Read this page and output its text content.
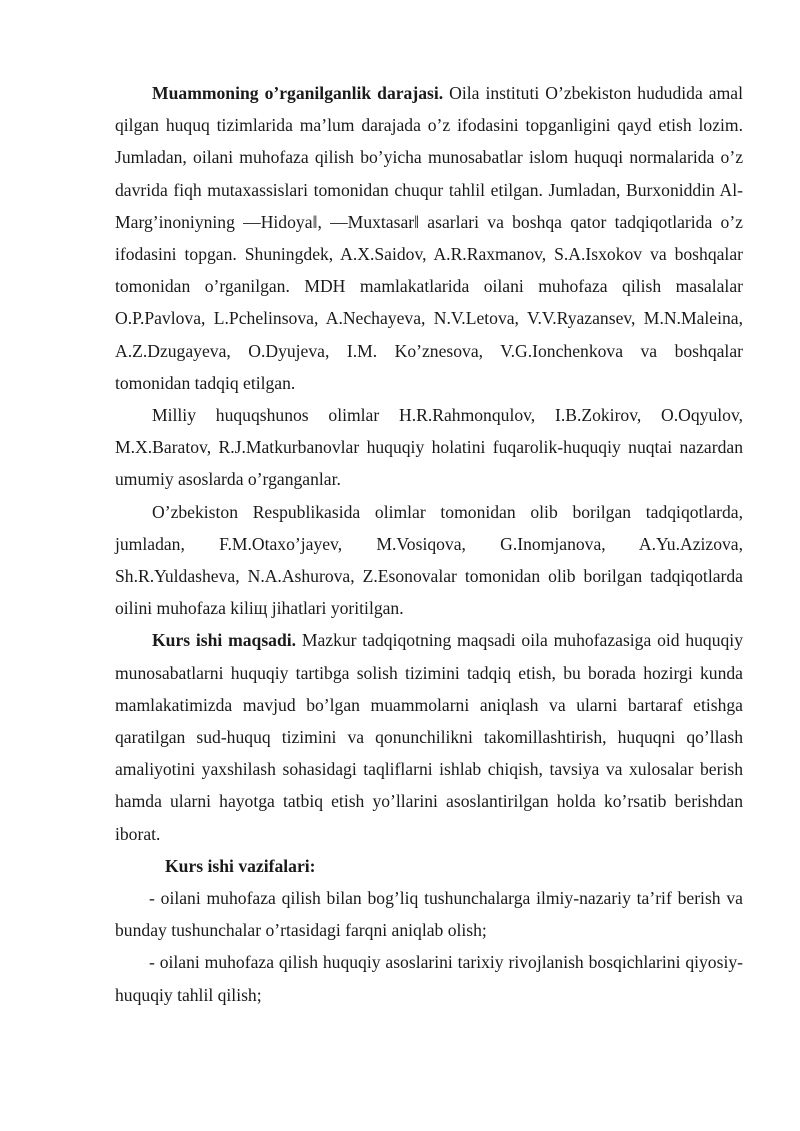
Muammoning o’rganilganlik darajasi. Oila instituti O’zbekiston hududida amal qilgan huquq tizimlarida ma’lum darajada o’z ifodasini topganligini qayd etish lozim. Jumladan, oilani muhofaza qilish bo’yicha munosabatlar islom huquqi normalarida o’z davrida fiqh mutaxassislari tomonidan chuqur tahlil etilgan. Jumladan, Burxoniddin Al-Marg’inoniyning ―Hidoya‖, ―Muxtasar‖ asarlari va boshqa qator tadqiqotlarida o’z ifodasini topgan. Shuningdek, A.X.Saidov, A.R.Raxmanov, S.A.Isxokov va boshqalar tomonidan o’rganilgan. MDH mamlakatlarida oilani muhofaza qilish masalalar O.P.Pavlova, L.Pchelinsova, A.Nechayeva, N.V.Letova, V.V.Ryazansev, M.N.Maleina, A.Z.Dzugayeva, O.Dyujeva, I.M. Ko’znesova, V.G.Ionchenkova va boshqalar tomonidan tadqiq etilgan.

Milliy huquqshunos olimlar H.R.Rahmonqulov, I.B.Zokirov, O.Oqyulov, M.X.Baratov, R.J.Matkurbanovlar huquqiy holatini fuqarolik-huquqiy nuqtai nazardan umumiy asoslarda o’rganganlar.

O’zbekiston Respublikasida olimlar tomonidan olib borilgan tadqiqotlarda, jumladan, F.M.Otaxo’jayev, M.Vosiqova, G.Inomjanova, A.Yu.Azizova, Sh.R.Yuldasheva, N.A.Ashurova, Z.Esonovalar tomonidan olib borilgan tadqiqotlarda oilini muhofaza kiliщ jihatlari yoritilgan.

Kurs ishi maqsadi. Mazkur tadqiqotning maqsadi oila muhofazasiga oid huquqiy munosabatlarni huquqiy tartibga solish tizimini tadqiq etish, bu borada hozirgi kunda mamlakatimizda mavjud bo’lgan muammolarni aniqlash va ularni bartaraf etishga qaratilgan sud-huquq tizimini va qonunchilikni takomillashtirish, huquqni qo’llash amaliyotini yaxshilash sohasidagi taqliflarni ishlab chiqish, tavsiya va xulosalar berish hamda ularni hayotga tatbiq etish yo’llarini asoslantirilgan holda ko’rsatib berishdan iborat.

Kurs ishi vazifalari:

- oilani muhofaza qilish bilan bog’liq tushunchalarga ilmiy-nazariy ta’rif berish va bunday tushunchalar o’rtasidagi farqni aniqlab olish;

- oilani muhofaza qilish huquqiy asoslarini tarixiy rivojlanish bosqichlarini qiyosiy-huquqiy tahlil qilish;
